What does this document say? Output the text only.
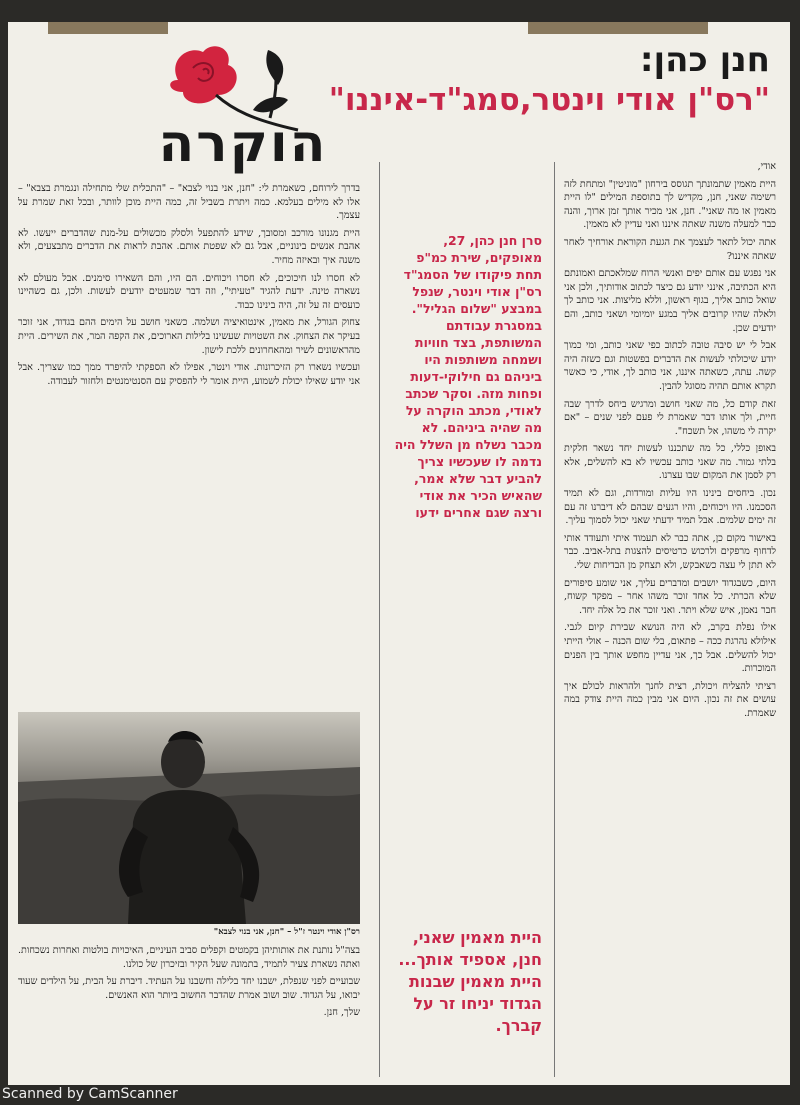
חנן כהן:
"רס"ן אודי וינטר,סמג"ד-איננו"
הוקרה	אודי,

היית מאמין שתמונתך תגוסס בירחון "מוניטין" ומתחת לזה רשימה שאני, חנן, מקדיש לך בתוספת המילים "לו היית מאמין או מה שאני". חנן, אני מכיר אותך זמן ארוך, והנה כבר למעלה משנה שאתה איננו ואני עדיין לא מאמין.

אתה יכול לתאר לעצמך את הגעת הקוראת אורחיך לאחר שאתה איננו?

אני נפגש עם אותם יפים ואנשי הרוח שמלאכתם ואמונתם היא הכתיבה, אינני יודע גם כיצד לכתוב אודותיך, ולכן אני שואל כותב אליך, בגוף ראשון, וללא מליצות. אני כותב לך ולאלה שהיו קרובים אליך במגע יומיומי ושאני כותב, והם יודעים שכן.

אבל לי יש סיבה טובה לכתוב כפי שאני כותב, ומי כמוך יודע שיכולתי לעשות את הדברים בפשטות וגם כשזה היה קשה. עתה, כשאתה איננו, אני כותב לך, אודי, כי כאשר תקרא אותם תהיה מסוגל להבין.

זאת קודם כל, מה שאני חושב ומרגיש ביחס לדרך שבה חיית, ולך אותו דבר שאמרת לי פעם לפני שנים – "אם יקרה לי משהו, אל תשכח".

באופן כללי, כל מה שתכננו לעשות יחד נשאר חלקית בלתי גמור. מה שאני כותב עכשיו לא בא להשלים, אלא רק לסמן את המקום שבו עצרנו.

נכון. ביחסים בינינו היו עליות ומורדות, וגם לא תמיד הסכמנו. היו ויכוחים, והיו רגעים שבהם לא דיברנו זה עם זה ימים שלמים. אבל תמיד ידעתי שאני יכול לסמוך עליך.

באישור מקום כן, אתה כבר לא תעמוד איתי ותעודד אותי לדחוף מרפקים ולרכוש כרטיסים להצגות בתל-אביב. כבר לא תתן לי עצה כשאבקש, ולא תצחק מן הבדיחות שלי.

היום, כשבגדוד יושבים ומדברים עליך, אני שומע סיפורים שלא הכרתי. כל אחד זוכר משהו אחר – מפקד קשוח, חבר נאמן, איש שלא ויתר. ואני זוכר את כל אלה יחד.

אילו נפלת בקרב, לא היה הנושא שבירת קיום לגבי. אילולא נהרגת ככה – פתאום, בלי שום הכנה – אולי הייתי יכול להשלים. אבל כך, אני עדיין מחפש אותך בין הפנים המוכרות.

רציתי להצליח ויכולת, רצית לחנך ולהראות לכולם איך עושים את זה נכון. היום אני מבין כמה היית צודק במה שאמרת.

סרן חנן כהן, 27, מאופקים, שירת כמ"פ תחת פיקודו של הסמג"ד רס"ן אודי וינטר, שנפל במבצע "שלום הגליל". במסגרת עבודתם המשותפת, בצד חוויות ושמחה משותפות היו ביניהם גם חילוקי-דעות ופחות מזה. וסקר שכתב לאודי, מכתב הוקרה על מה שהיה ביניהם. לא מכבר נשלח מן השלל היה נדמה לו שעכשיו צריך להביע דבר שלא אמר, שהאיש הכיר את אודי ורצה שגם אחרים ידעו
היית מאמין שאני, חנן, אספיד אותך... היית מאמין שבנות הגדוד יניחו זר על קברך.

בדרך לירוחם, כשאמרת לי: "חנן, אני בנוי לצבא" – "התכלית שלי מתחילה ונגמרת בצבא" – אלו לא מילים בעלמא. כמה ויתרת בשביל זה, כמה היית מוכן לוותר, ובכל זאת שמרת על עצמך.

היית מגנונו מורכב ומסובך, שידע להתפעל ולסלק מכשולים על-מנת שהדברים ייעשו. לא אהבת אנשים בינוניים, אבל גם לא שפטת אותם. אהבת לראות את הדברים מתבצעים, ולא משנה איך ובאיזה מחיר.

לא חסרו לנו חיכוכים, לא חסרו ויכוחים. הם היו, והם השאירו סימנים. אבל מעולם לא נשארה טינה. ידעת להגיד "טעיתי", וזה דבר שמעטים יודעים לעשות. ולכן, גם כשהיינו כועסים זה על זה, היה בינינו כבוד.

צחוק הגורל, את מאמין, אינטואיציה ושלמה. כשאני חושב על הימים ההם בגדוד, אני זוכר בעיקר את הצחוק. את השטויות שעשינו בלילות הארוכים, את הקפה המר, את השירים. היית מהראשונים לשיר ומהאחרונים ללכת לישון.

ועכשיו נשארו רק הזיכרונות. אודי וינטר, אפילו לא הספקתי להיפרד ממך כמו שצריך. אבל אני יודע שאילו יכולת לשמוע, היית אומר לי להפסיק עם הסנטימנטים ולחזור לעבודה.

רס"ן אודי וינטר ז"ל – "חנן, אני בנוי לצבא"

בצה"ל נותנת את אותותיהן בקמטים וקפלים סביב העיניים, האיכויות בולטות ואחרות נשכחות. ואתה נשארת צעיר לתמיד, בתמונה שעל הקיר ובזיכרון של כולנו.

שבועיים לפני שנפלת, ישבנו יחד בלילה וחשבנו על העתיד. דיברת על הבית, על הילדים שעוד יבואו, על הגדוד. שוב ושוב אמרת שהדבר החשוב ביותר הוא האנשים.

שלך, חנן.

Scanned by CamScanner
